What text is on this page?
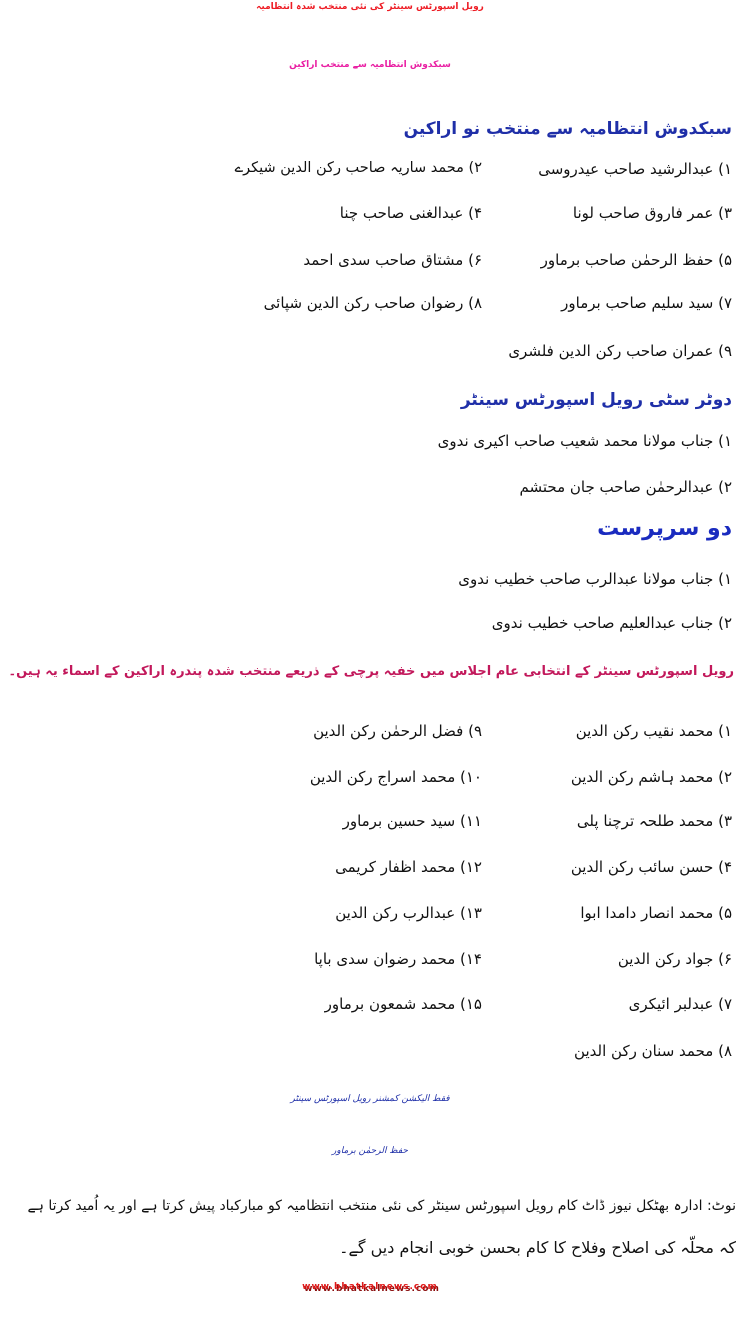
رویل اسپورٹس سینٹر کی نئی منتخب شدہ انتظامیہ
سبکدوش انتظامیہ سے منتخب اراکین
سبکدوش انتظامیہ سے منتخب نو اراکین
۱) عبدالرشید صاحب عیدروسی
۲) محمد ساریہ صاحب رکن الدین شیکرے
۳) عمر فاروق صاحب لونا
۴) عبدالغنی صاحب چنا
۵) حفظ الرحمٰن صاحب برماور
۶) مشتاق صاحب سدی احمد
۷) سید سلیم صاحب برماور
۸) رضوان صاحب رکن الدین شپائی
۹) عمران صاحب رکن الدین فلشری
دوٹر سٹی رویل اسپورٹس سینٹر
۱) جناب مولانا محمد شعیب صاحب اکیری ندوی
۲) عبدالرحمٰن صاحب جان محتشم
دو سرپرست
۱) جناب مولانا عبدالرب صاحب خطیب ندوی
۲) جناب عبدالعلیم صاحب خطیب ندوی
رویل اسپورٹس سینٹر کے انتخابی عام اجلاس میں خفیہ پرچی کے ذریعے منتخب شدہ پندرہ اراکین کے اسماء یہ ہیں۔
۱) محمد نقیب رکن الدین
۹) فضل الرحمٰن رکن الدین
۲) محمد ہاشم رکن الدین
۱۰) محمد اسراج رکن الدین
۳) محمد طلحہ ترچنا پلی
۱۱) سید حسین برماور
۴) حسن سائب رکن الدین
۱۲) محمد اظفار کریمی
۵) محمد انصار دامدا ابوا
۱۳) عبدالرب رکن الدین
۶) جواد رکن الدین
۱۴) محمد رضوان سدی باپا
۷) عبدلبر ائیکری
۱۵) محمد شمعون برماور
۸) محمد سنان رکن الدین
فقط الیکشن کمشنر رویل اسپورٹس سینٹر
حفظ الرحمٰن برماور
نوٹ: ادارہ بھٹکل نیوز ڈاٹ کام رویل اسپورٹس سینٹر کی نئی منتخب انتظامیہ کو مبارکباد پیش کرتا ہے اور یہ اُمید کرتا ہے
کہ محلّہ کی اصلاح وفلاح کا کام بحسن خوبی انجام دیں گے۔
www.bhatkalnews.com
